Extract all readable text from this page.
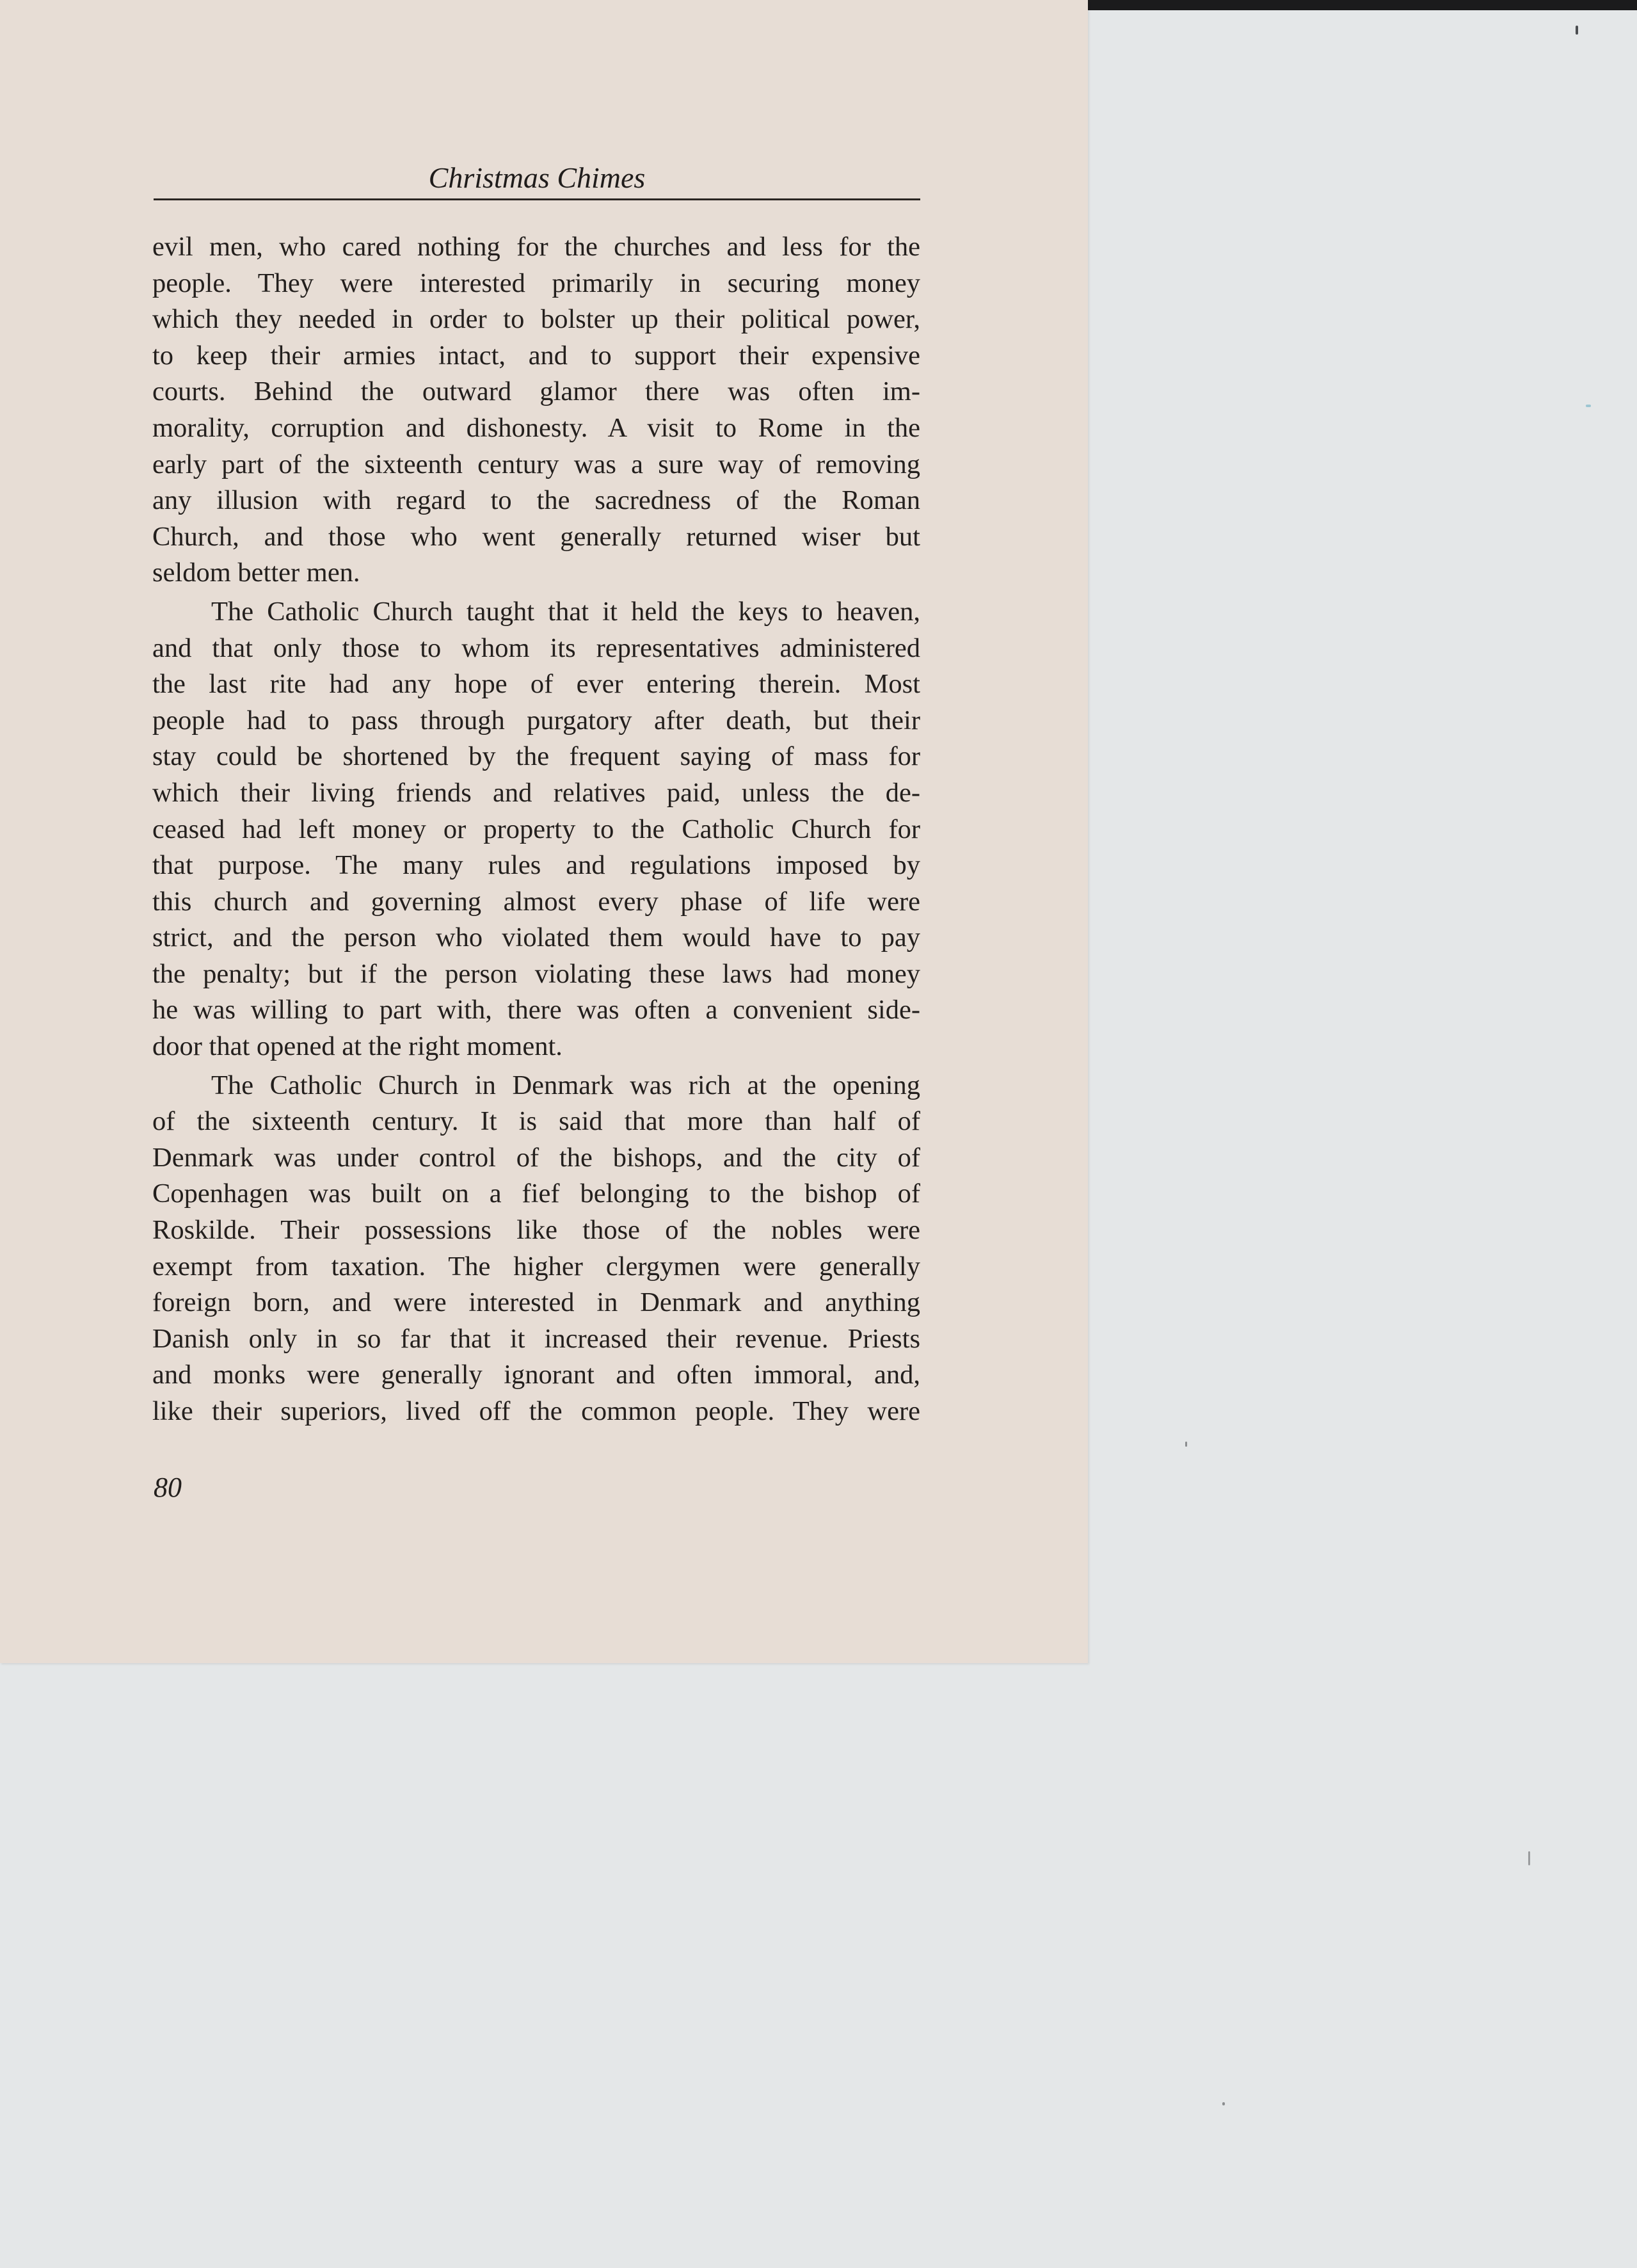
Christmas Chimes
evil men, who cared nothing for the churches and less for the
people. They were interested primarily in securing money
which they needed in order to bolster up their political power,
to keep their armies intact, and to support their expensive
courts. Behind the outward glamor there was often im-
morality, corruption and dishonesty. A visit to Rome in the
early part of the sixteenth century was a sure way of removing
any illusion with regard to the sacredness of the Roman
Church, and those who went generally returned wiser but
seldom better men.
The Catholic Church taught that it held the keys to heaven,
and that only those to whom its representatives administered
the last rite had any hope of ever entering therein. Most
people had to pass through purgatory after death, but their
stay could be shortened by the frequent saying of mass for
which their living friends and relatives paid, unless the de-
ceased had left money or property to the Catholic Church for
that purpose. The many rules and regulations imposed by
this church and governing almost every phase of life were
strict, and the person who violated them would have to pay
the penalty; but if the person violating these laws had money
he was willing to part with, there was often a convenient side-
door that opened at the right moment.
The Catholic Church in Denmark was rich at the opening
of the sixteenth century. It is said that more than half of
Denmark was under control of the bishops, and the city of
Copenhagen was built on a fief belonging to the bishop of
Roskilde. Their possessions like those of the nobles were
exempt from taxation. The higher clergymen were generally
foreign born, and were interested in Denmark and anything
Danish only in so far that it increased their revenue. Priests
and monks were generally ignorant and often immoral, and,
like their superiors, lived off the common people. They were
80
